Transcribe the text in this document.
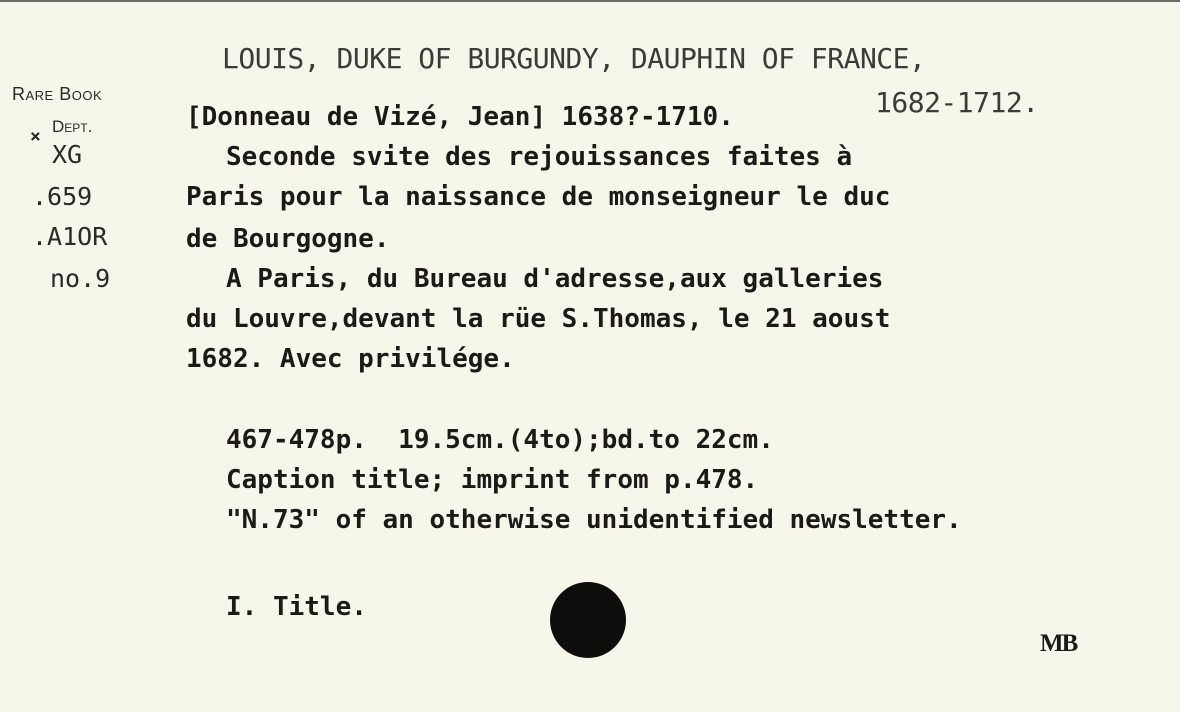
Rare Book
Dept.
×
XG
.659
.A1OR
no.9
LOUIS, DUKE OF BURGUNDY, DAUPHIN OF FRANCE,
1682-1712.
[Donneau de Vizé, Jean] 1638?-1710.
Seconde svite des rejouissances faites à
Paris pour la naissance de monseigneur le duc
de Bourgogne.
A Paris, du Bureau d'adresse,aux galleries
du Louvre,devant la rüe S.Thomas, le 21 aoust
1682. Avec privilége.
467-478p.  19.5cm.(4to);bd.to 22cm.
Caption title; imprint from p.478.
"N.73" of an otherwise unidentified newsletter.
I. Title.
MB
